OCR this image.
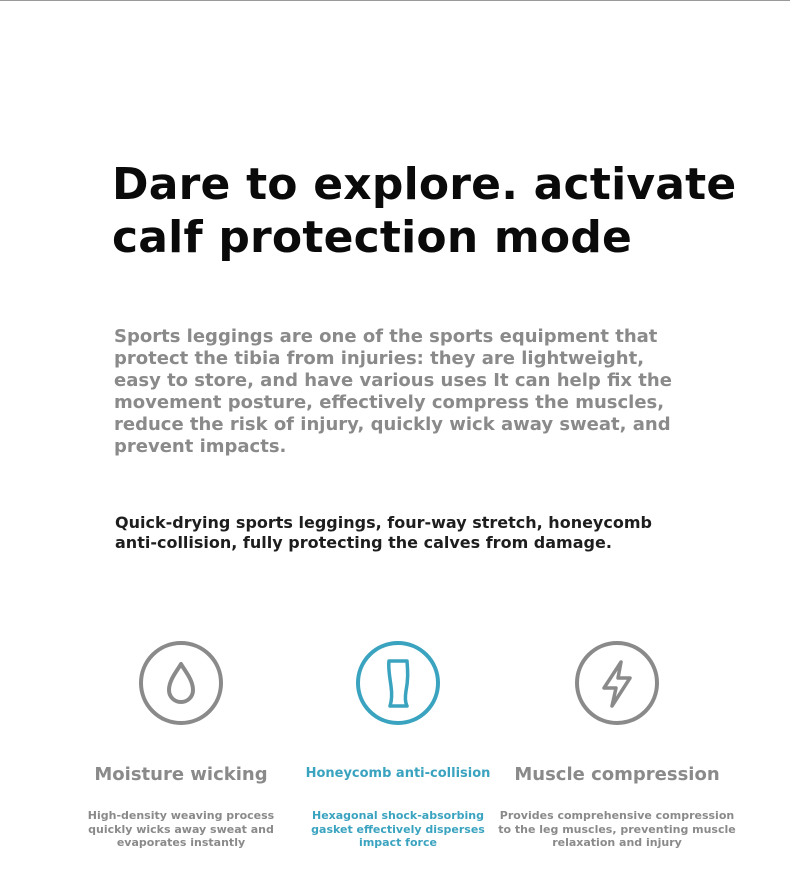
Dare to explore. activate
calf protection mode
Sports leggings are one of the sports equipment that
protect the tibia from injuries: they are lightweight,
easy to store, and have various uses It can help fix the
movement posture, effectively compress the muscles,
reduce the risk of injury, quickly wick away sweat, and
prevent impacts.
Quick-drying sports leggings, four-way stretch, honeycomb
anti-collision, fully protecting the calves from damage.
Moisture wicking

High-density weaving process
quickly wicks away sweat and
evaporates instantly

Honeycomb anti-collision

Hexagonal shock-absorbing
gasket effectively disperses
impact force

Muscle compression

Provides comprehensive compression
to the leg muscles, preventing muscle
relaxation and injury
